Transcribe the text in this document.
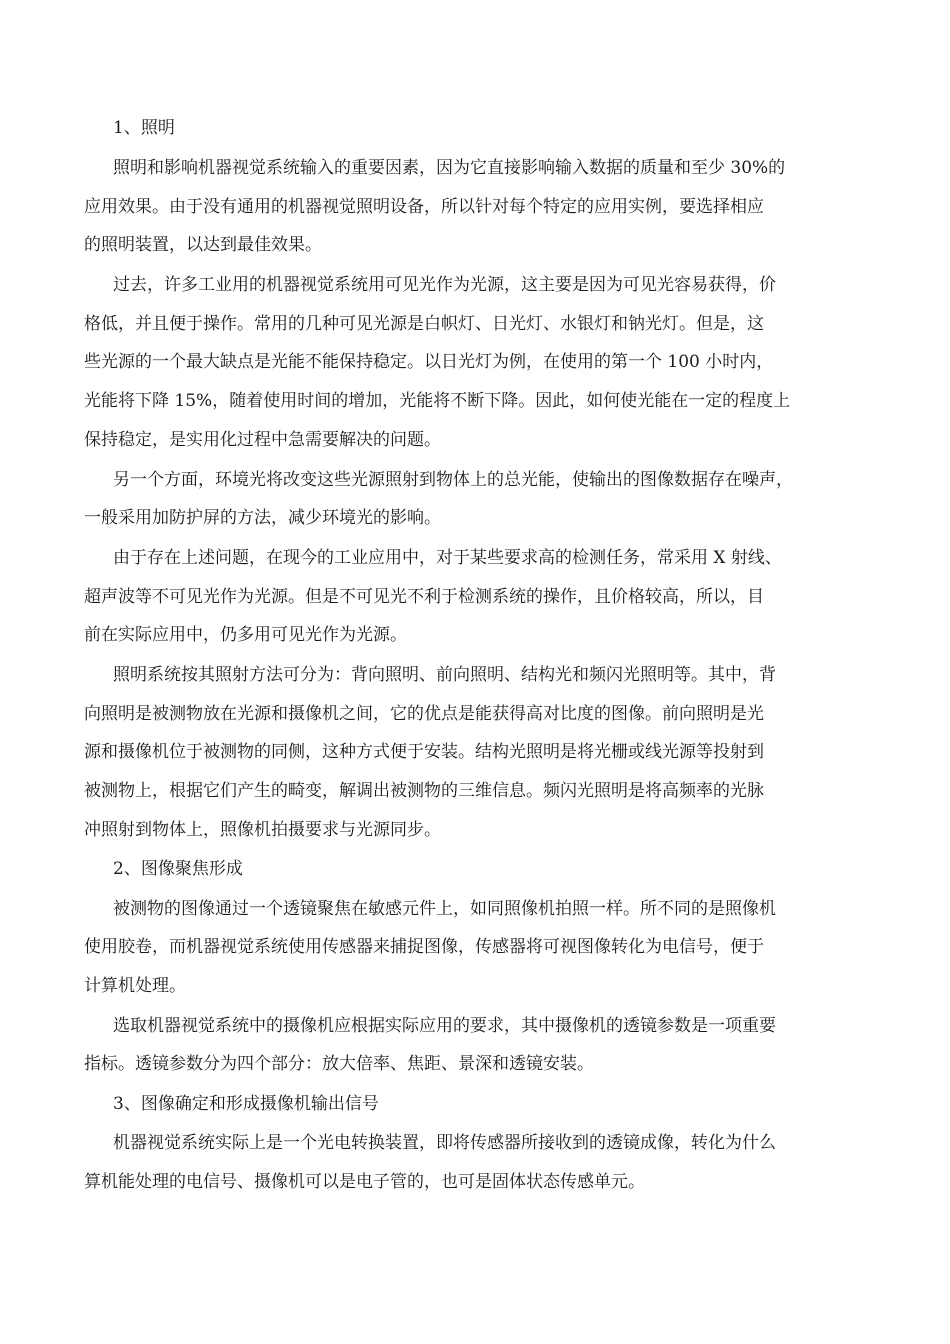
1、照明
照明和影响机器视觉系统输入的重要因素，因为它直接影响输入数据的质量和至少 30%的
应用效果。由于没有通用的机器视觉照明设备，所以针对每个特定的应用实例，要选择相应
的照明装置，以达到最佳效果。
过去，许多工业用的机器视觉系统用可见光作为光源，这主要是因为可见光容易获得，价
格低，并且便于操作。常用的几种可见光源是白帜灯、日光灯、水银灯和钠光灯。但是，这
些光源的一个最大缺点是光能不能保持稳定。以日光灯为例，在使用的第一个 100 小时内，
光能将下降 15%，随着使用时间的增加，光能将不断下降。因此，如何使光能在一定的程度上
保持稳定，是实用化过程中急需要解决的问题。
另一个方面，环境光将改变这些光源照射到物体上的总光能，使输出的图像数据存在噪声，
一般采用加防护屏的方法，减少环境光的影响。
由于存在上述问题，在现今的工业应用中，对于某些要求高的检测任务，常采用 X 射线、
超声波等不可见光作为光源。但是不可见光不利于检测系统的操作，且价格较高，所以，目
前在实际应用中，仍多用可见光作为光源。
照明系统按其照射方法可分为：背向照明、前向照明、结构光和频闪光照明等。其中，背
向照明是被测物放在光源和摄像机之间，它的优点是能获得高对比度的图像。前向照明是光
源和摄像机位于被测物的同侧，这种方式便于安装。结构光照明是将光栅或线光源等投射到
被测物上，根据它们产生的畸变，解调出被测物的三维信息。频闪光照明是将高频率的光脉
冲照射到物体上，照像机拍摄要求与光源同步。
2、图像聚焦形成
被测物的图像通过一个透镜聚焦在敏感元件上，如同照像机拍照一样。所不同的是照像机
使用胶卷，而机器视觉系统使用传感器来捕捉图像，传感器将可视图像转化为电信号，便于
计算机处理。
选取机器视觉系统中的摄像机应根据实际应用的要求，其中摄像机的透镜参数是一项重要
指标。透镜参数分为四个部分：放大倍率、焦距、景深和透镜安装。
3、图像确定和形成摄像机输出信号
机器视觉系统实际上是一个光电转换装置，即将传感器所接收到的透镜成像，转化为什么
算机能处理的电信号、摄像机可以是电子管的，也可是固体状态传感单元。
